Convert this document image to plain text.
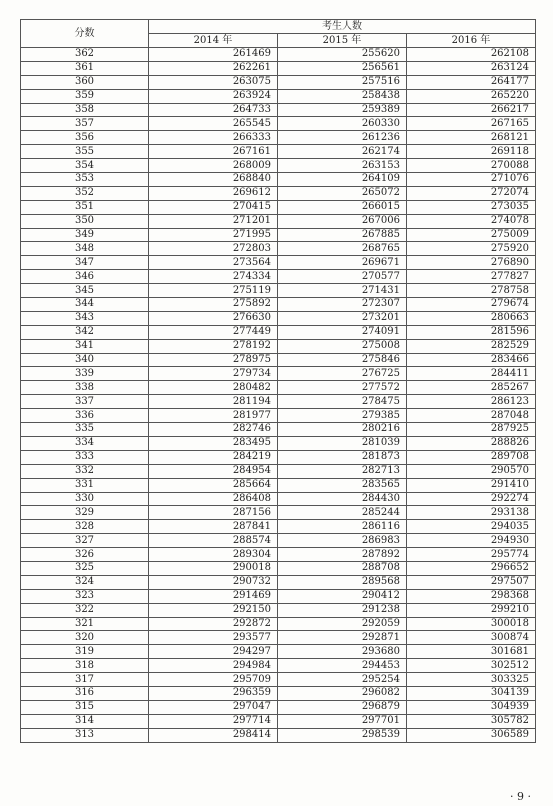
分数	考生人数		
	2014 年	2015 年	2016 年
362	261469	255620	262108
361	262261	256561	263124
360	263075	257516	264177
359	263924	258438	265220
358	264733	259389	266217
357	265545	260330	267165
356	266333	261236	268121
355	267161	262174	269118
354	268009	263153	270088
353	268840	264109	271076
352	269612	265072	272074
351	270415	266015	273035
350	271201	267006	274078
349	271995	267885	275009
348	272803	268765	275920
347	273564	269671	276890
346	274334	270577	277827
345	275119	271431	278758
344	275892	272307	279674
343	276630	273201	280663
342	277449	274091	281596
341	278192	275008	282529
340	278975	275846	283466
339	279734	276725	284411
338	280482	277572	285267
337	281194	278475	286123
336	281977	279385	287048
335	282746	280216	287925
334	283495	281039	288826
333	284219	281873	289708
332	284954	282713	290570
331	285664	283565	291410
330	286408	284430	292274
329	287156	285244	293138
328	287841	286116	294035
327	288574	286983	294930
326	289304	287892	295774
325	290018	288708	296652
324	290732	289568	297507
323	291469	290412	298368
322	292150	291238	299210
321	292872	292059	300018
320	293577	292871	300874
319	294297	293680	301681
318	294984	294453	302512
317	295709	295254	303325
316	296359	296082	304139
315	297047	296879	304939
314	297714	297701	305782
313	298414	298539	306589
· 9 ·
